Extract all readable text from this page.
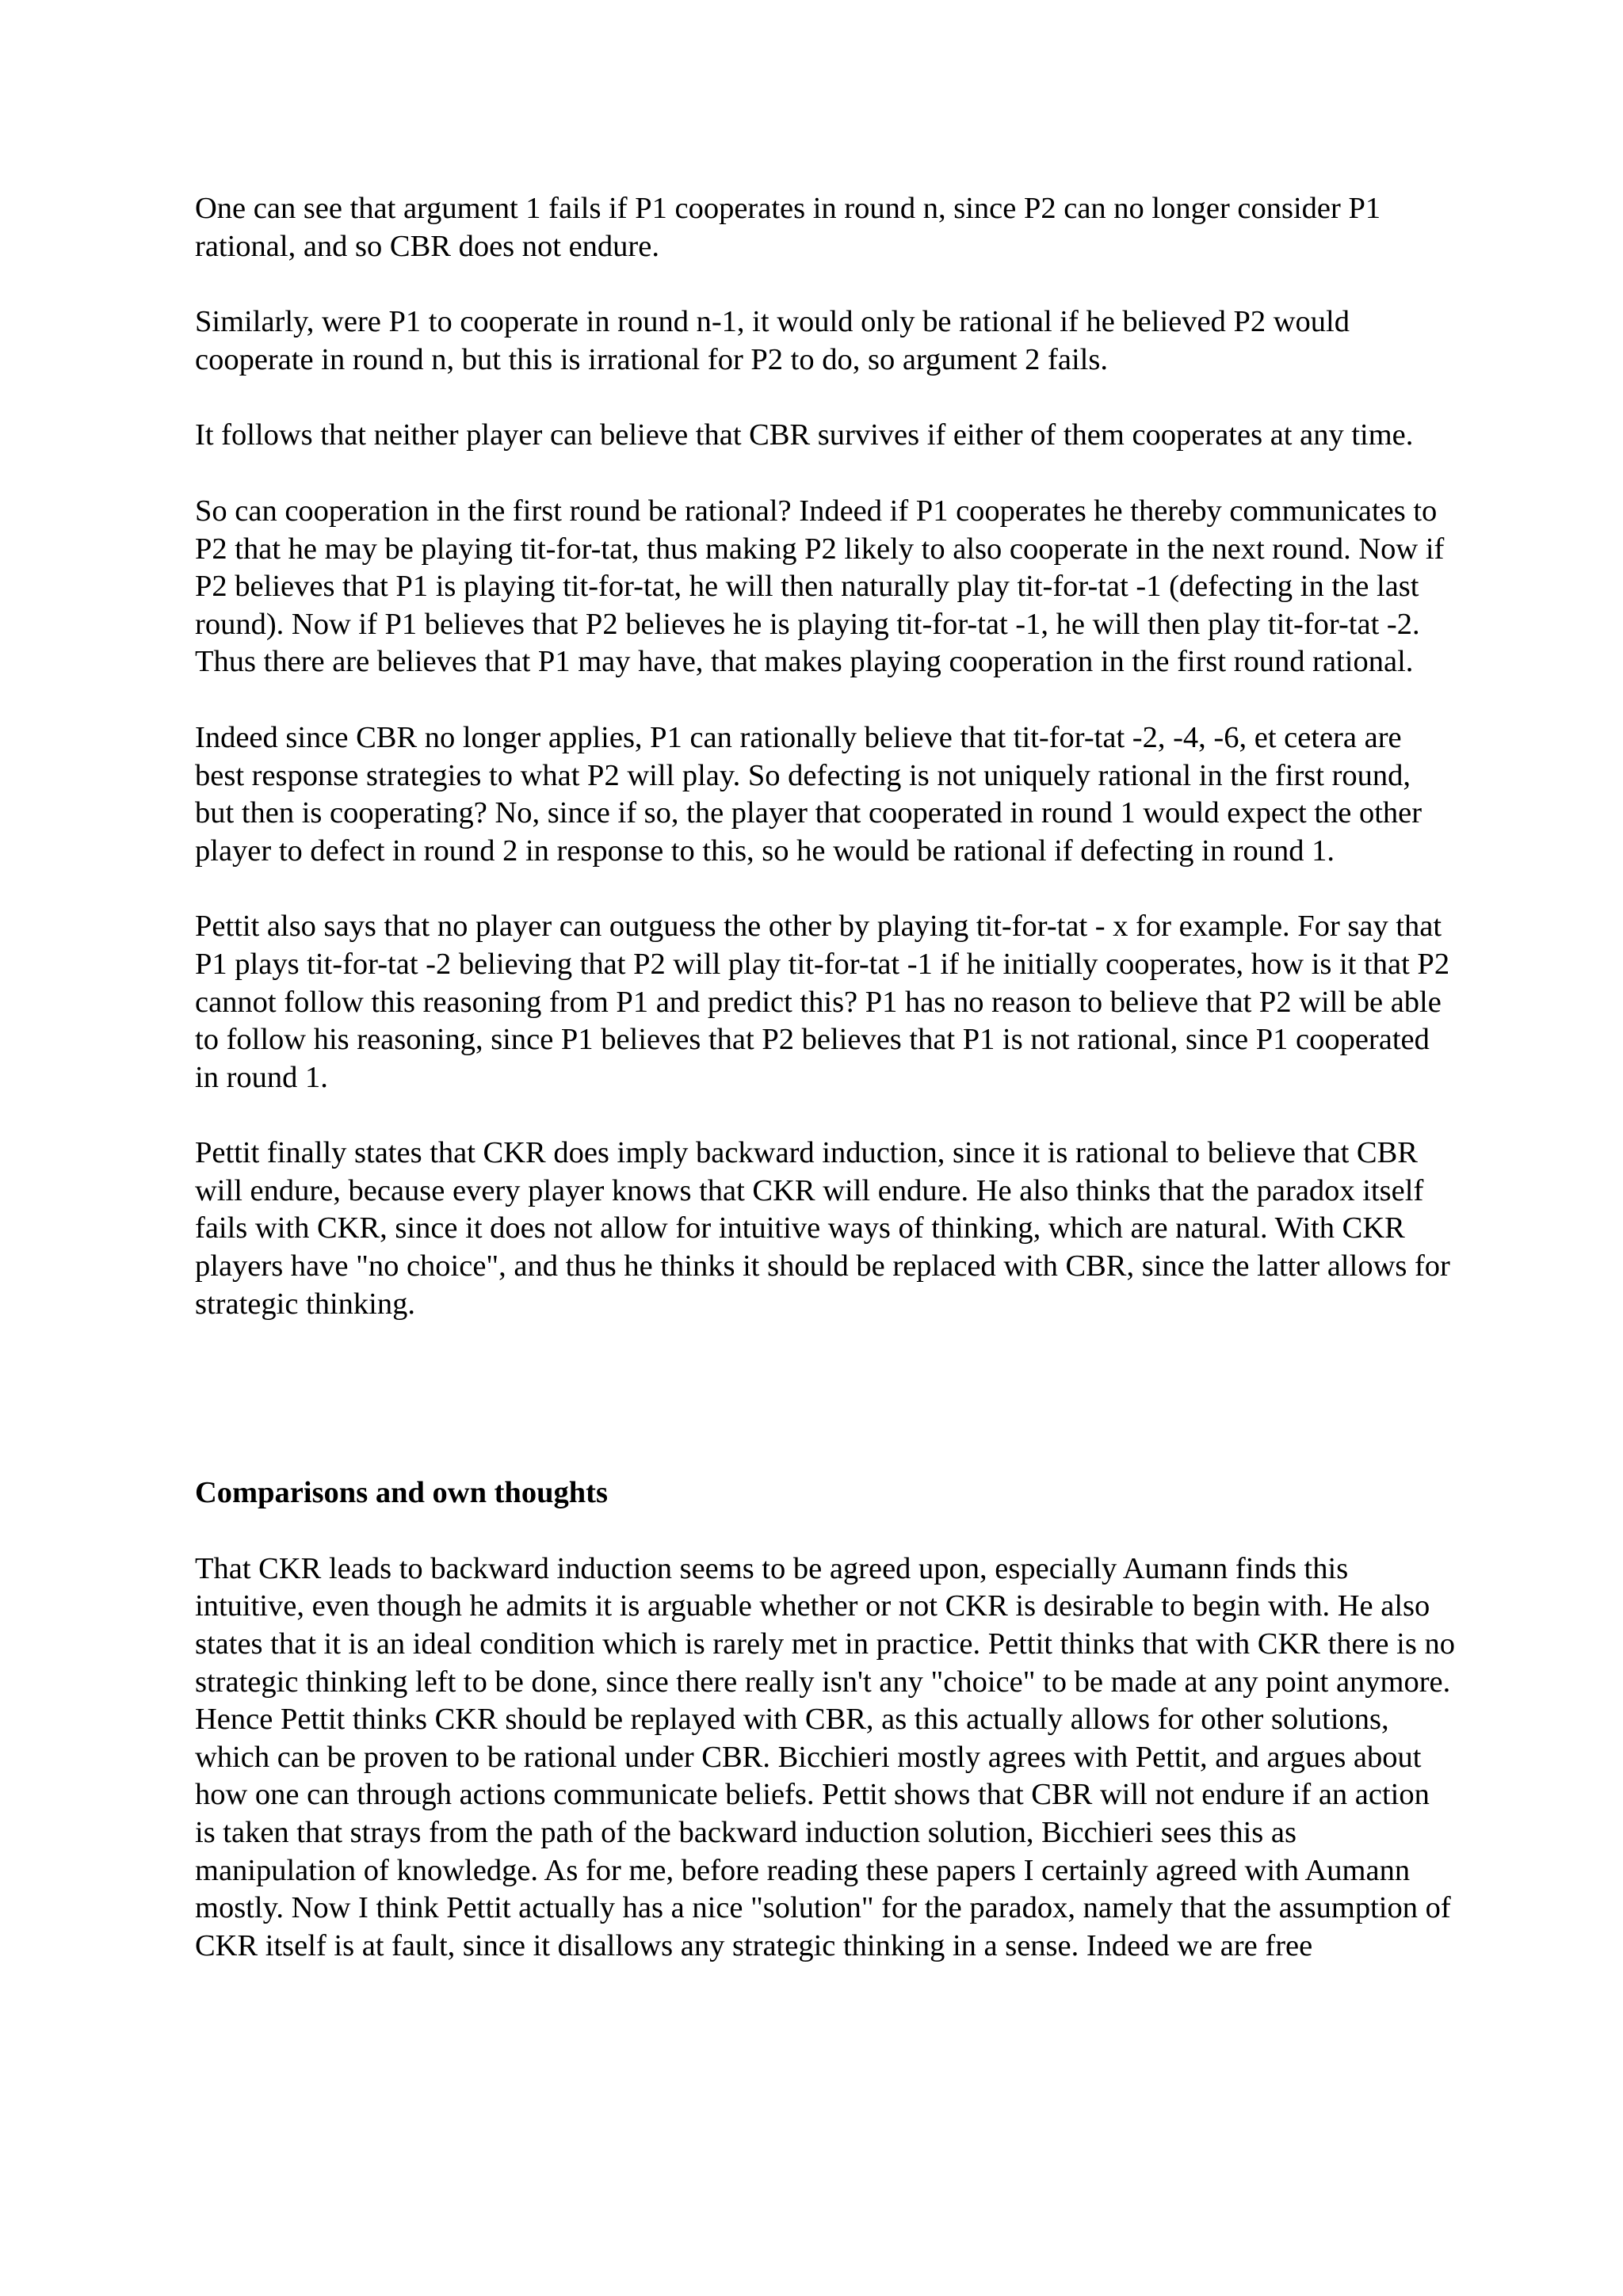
One can see that argument 1 fails if P1 cooperates in round n, since P2 can no longer consider P1 rational, and so CBR does not endure.

Similarly, were P1 to cooperate in round n-1, it would only be rational if he believed P2 would cooperate in round n, but this is irrational for P2 to do, so argument 2 fails.

It follows that neither player can believe that CBR survives if either of them cooperates at any time.

So can cooperation in the first round be rational? Indeed if P1 cooperates he thereby communicates to P2 that he may be playing tit-for-tat, thus making P2 likely to also cooperate in the next round. Now if P2 believes that P1 is playing tit-for-tat, he will then naturally play tit-for-tat -1 (defecting in the last round). Now if P1 believes that P2 believes he is playing tit-for-tat -1, he will then play tit-for-tat -2. Thus there are believes that P1 may have, that makes playing cooperation in the first round rational.

Indeed since CBR no longer applies, P1 can rationally believe that tit-for-tat -2, -4, -6, et cetera are best response strategies to what P2 will play. So defecting is not uniquely rational in the first round, but then is cooperating? No, since if so, the player that cooperated in round 1 would expect the other player to defect in round 2 in response to this, so he would be rational if defecting in round 1.

Pettit also says that no player can outguess the other by playing tit-for-tat - x for example. For say that P1 plays tit-for-tat -2 believing that P2 will play tit-for-tat -1 if he initially cooperates, how is it that P2 cannot follow this reasoning from P1 and predict this? P1 has no reason to believe that P2 will be able to follow his reasoning, since P1 believes that P2 believes that P1 is not rational, since P1 cooperated in round 1.

Pettit finally states that CKR does imply backward induction, since it is rational to believe that CBR will endure, because every player knows that CKR will endure. He also thinks that the paradox itself fails with CKR, since it does not allow for intuitive ways of thinking, which are natural. With CKR players have "no choice", and thus he thinks it should be replaced with CBR, since the latter allows for strategic thinking.

Comparisons and own thoughts

That CKR leads to backward induction seems to be agreed upon, especially Aumann finds this intuitive, even though he admits it is arguable whether or not CKR is desirable to begin with. He also states that it is an ideal condition which is rarely met in practice. Pettit thinks that with CKR there is no strategic thinking left to be done, since there really isn't any "choice" to be made at any point anymore. Hence Pettit thinks CKR should be replayed with CBR, as this actually allows for other solutions, which can be proven to be rational under CBR. Bicchieri mostly agrees with Pettit, and argues about how one can through actions communicate beliefs. Pettit shows that CBR will not endure if an action is taken that strays from the path of the backward induction solution, Bicchieri sees this as manipulation of knowledge. As for me, before reading these papers I certainly agreed with Aumann mostly. Now I think Pettit actually has a nice "solution" for the paradox, namely that the assumption of CKR itself is at fault, since it disallows any strategic thinking in a sense. Indeed we are free
